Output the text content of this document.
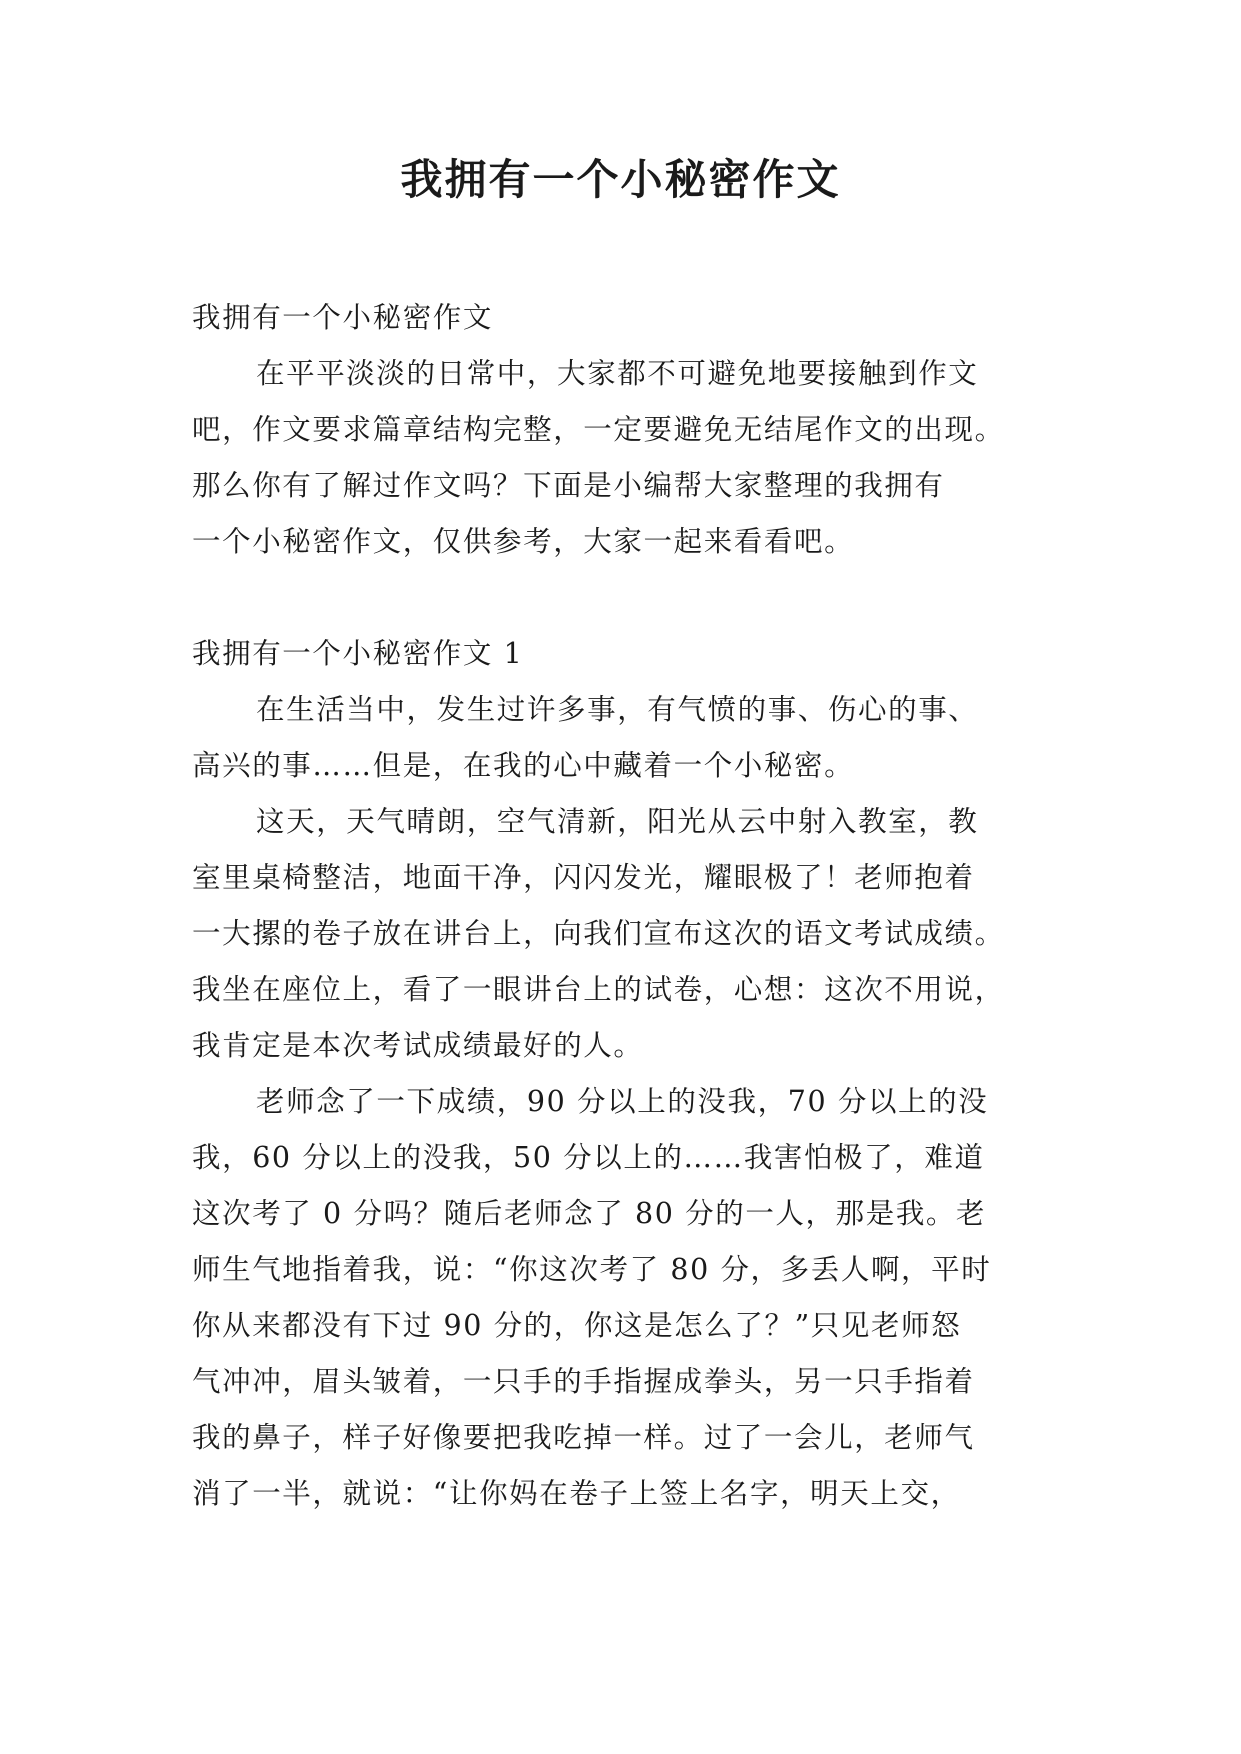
我拥有一个小秘密作文

我拥有一个小秘密作文

在平平淡淡的日常中，大家都不可避免地要接触到作文
吧，作文要求篇章结构完整，一定要避免无结尾作文的出现。
那么你有了解过作文吗？下面是小编帮大家整理的我拥有
一个小秘密作文，仅供参考，大家一起来看看吧。

我拥有一个小秘密作文 1

在生活当中，发生过许多事，有气愤的事、伤心的事、
高兴的事……但是，在我的心中藏着一个小秘密。
这天，天气晴朗，空气清新，阳光从云中射入教室，教
室里桌椅整洁，地面干净，闪闪发光，耀眼极了！老师抱着
一大摞的卷子放在讲台上，向我们宣布这次的语文考试成绩。
我坐在座位上，看了一眼讲台上的试卷，心想：这次不用说，
我肯定是本次考试成绩最好的人。
老师念了一下成绩，90 分以上的没我，70 分以上的没
我，60 分以上的没我，50 分以上的……我害怕极了，难道
这次考了 0 分吗？随后老师念了 80 分的一人，那是我。老
师生气地指着我，说：“你这次考了 80 分，多丢人啊，平时
你从来都没有下过 90 分的，你这是怎么了？”只见老师怒
气冲冲，眉头皱着，一只手的手指握成拳头，另一只手指着
我的鼻子，样子好像要把我吃掉一样。过了一会儿，老师气
消了一半，就说：“让你妈在卷子上签上名字，明天上交，
